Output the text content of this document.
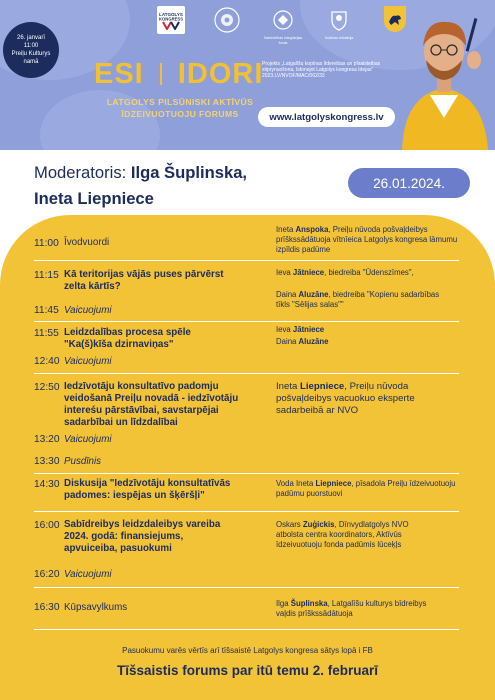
26. janvarī
11:00
Preiļu Kulturys
namā
LATGOLYS
KONGRESS
Sabiedrības integrācijas fonds
Kultūras ministrija
ESI IDORI
LATGOLYS PILSŪNISKI AKTĪVŪS ĪDZEIVUOTUOJU FORUMS
Projekts „Latgalīšu kopīnas līdereibas un pīsaisteibas stiprynuošona, īstonojot Latgolys kongresa Idejas" 2023.LV/NVOF/MAC/062/33
www.latgolyskongress.lv
Moderatoris: Ilga Šuplinska,
Ineta Liepniece
26.01.2024.
11:00 Īvodvuordi
Ineta Anspoka, Preiļu nūvoda pošvaļdeibys prīškssādātuoja vītnīeica Latgolys kongresa lāmumu izpīldis padūme
11:15 Kā teritorijas vājās puses pārvērst zelta kārtīs?
Ieva Jātniece, biedreiba "Ūdenszīmes",
Daina Aluzāne, biedreiba "Kopienu sadarbības tīkls "Sēlijas salas""
11:45 Vaicuojumi
11:55 Leidzdalības procesa spēle "Ka(š)kīša dzirnaviņas"
Ieva Jātniece
Daina Aluzāne
12:40 Vaicuojumi
12:50 Iedzīvotāju konsultatīvo padomju veidošanā Preiļu novadā - iedzīvotāju intereśu pārstāvībai, savstarpējai sadarbībai un līdzdalībai
Ineta Liepniece, Preiļu nūvoda pošvaļdeibys vacuokuo eksperte sadarbeibā ar NVO
13:20 Vaicuojumi
13:30 Pusdīnis
14:30 Diskusija "Iedzīvotāju konsultatīvās padomes: iespējas un šķēršļi"
Voda Ineta Liepniece, pīsadola Preiļu īdzeivuotuoju padūmu puorstuovi
16:00 Sabīdreibys leidzdaleibys vareiba 2024. godā: finansiejums, apvuiceiba, pasuokumi
Oskars Zuģickis, Dīnvydlatgolys NVO atbolsta centra koordinators, Aktīvūs īdzeivuotuoju fonda padūmis lūceķļs
16:20 Vaicuojumi
16:30 Kūpsavylkums	Ilga Šuplinska, Latgalīšu kulturys bīdreibys vaļdis prīškssādātuoja
Pasuokumu varēs vērtīs arī tīšsaistē Latgolys kongresa sātys lopā i FB
Tīšsaistis forums par itū temu 2. februarī
